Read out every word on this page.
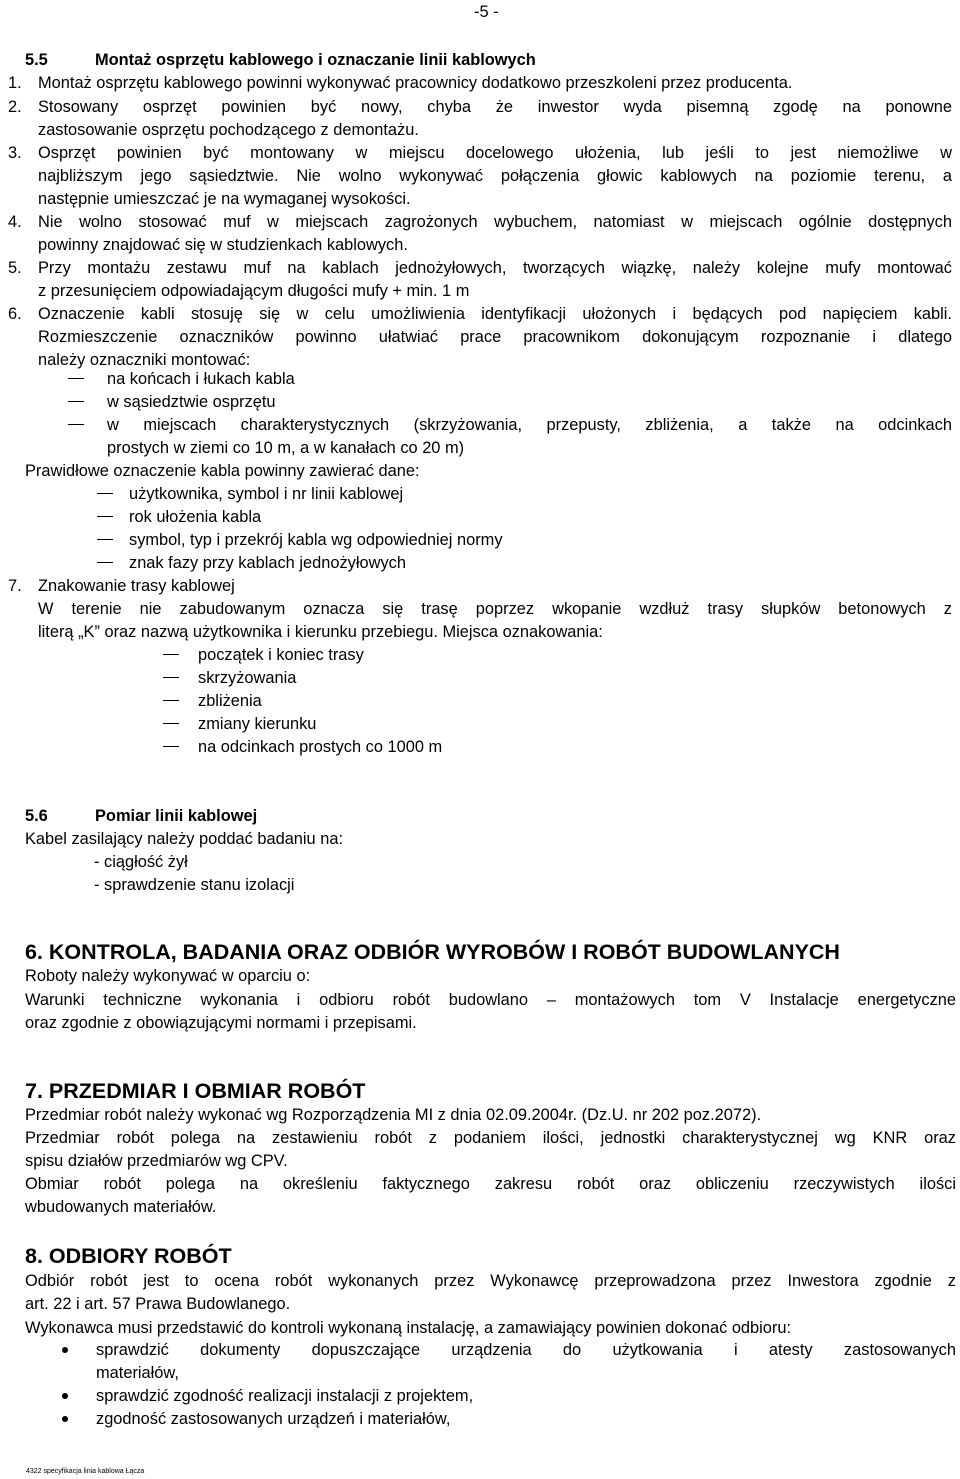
-5 -
5.5	Montaż osprzętu kablowego i oznaczanie linii kablowych
1. Montaż osprzętu kablowego powinni wykonywać pracownicy dodatkowo przeszkoleni przez producenta.
2. Stosowany osprzęt powinien być nowy, chyba że inwestor wyda pisemną zgodę na ponowne
zastosowanie osprzętu pochodzącego z demontażu.
3. Osprzęt powinien być montowany w miejscu docelowego ułożenia, lub jeśli to jest niemożliwe w
najbliższym jego sąsiedztwie. Nie wolno wykonywać połączenia głowic kablowych na poziomie terenu, a
następnie umieszczać je na wymaganej wysokości.
4. Nie wolno stosować muf w miejscach zagrożonych wybuchem, natomiast w miejscach ogólnie dostępnych
powinny znajdować się w studzienkach kablowych.
5. Przy montażu zestawu muf na kablach jednożyłowych, tworzących wiązkę, należy kolejne mufy montować
z przesunięciem odpowiadającym długości mufy + min. 1 m
6. Oznaczenie kabli stosuję się w celu umożliwienia identyfikacji ułożonych i będących pod napięciem kabli.
Rozmieszczenie oznaczników powinno ułatwiać prace pracownikom dokonującym rozpoznanie i dlatego
należy oznaczniki montować:
na końcach i łukach kabla
w sąsiedztwie osprzętu
w miejscach charakterystycznych (skrzyżowania, przepusty, zbliżenia, a także na odcinkach
prostych w ziemi co 10 m, a w kanałach co 20 m)
Prawidłowe oznaczenie kabla powinny zawierać dane:
użytkownika, symbol i nr linii kablowej
rok ułożenia kabla
symbol, typ i przekrój kabla wg odpowiedniej normy
znak fazy przy kablach jednożyłowych
7. Znakowanie trasy kablowej
W terenie nie zabudowanym oznacza się trasę poprzez wkopanie wzdłuż trasy słupków betonowych z
literą „K” oraz nazwą użytkownika i kierunku przebiegu. Miejsca oznakowania:
początek i koniec trasy
skrzyżowania
zbliżenia
zmiany kierunku
na odcinkach prostych co 1000 m
5.6	Pomiar linii kablowej
Kabel zasilający należy poddać badaniu na:
- ciągłość żył
- sprawdzenie stanu izolacji
6. KONTROLA, BADANIA ORAZ ODBIÓR WYROBÓW I ROBÓT BUDOWLANYCH
Roboty należy wykonywać w oparciu o:
Warunki techniczne wykonania i odbioru robót budowlano – montażowych tom V Instalacje energetyczne
oraz zgodnie z obowiązującymi normami i przepisami.
7. PRZEDMIAR I OBMIAR ROBÓT
Przedmiar robót należy wykonać wg Rozporządzenia MI z dnia 02.09.2004r. (Dz.U. nr 202 poz.2072).
Przedmiar robót polega na zestawieniu robót z podaniem ilości, jednostki charakterystycznej wg KNR oraz
spisu działów przedmiarów wg CPV.
Obmiar robót polega na określeniu faktycznego zakresu robót oraz obliczeniu rzeczywistych ilości
wbudowanych materiałów.
8. ODBIORY ROBÓT
Odbiór robót jest to ocena robót wykonanych przez Wykonawcę przeprowadzona przez Inwestora zgodnie z
art. 22 i art. 57 Prawa Budowlanego.
Wykonawca musi przedstawić do kontroli wykonaną instalację, a zamawiający powinien dokonać odbioru:
sprawdzić dokumenty dopuszczające urządzenia do użytkowania i atesty zastosowanych
materiałów,
sprawdzić zgodność realizacji instalacji z projektem,
zgodność zastosowanych urządzeń i materiałów,
4322 specyfikacja linia kablowa Łącza
